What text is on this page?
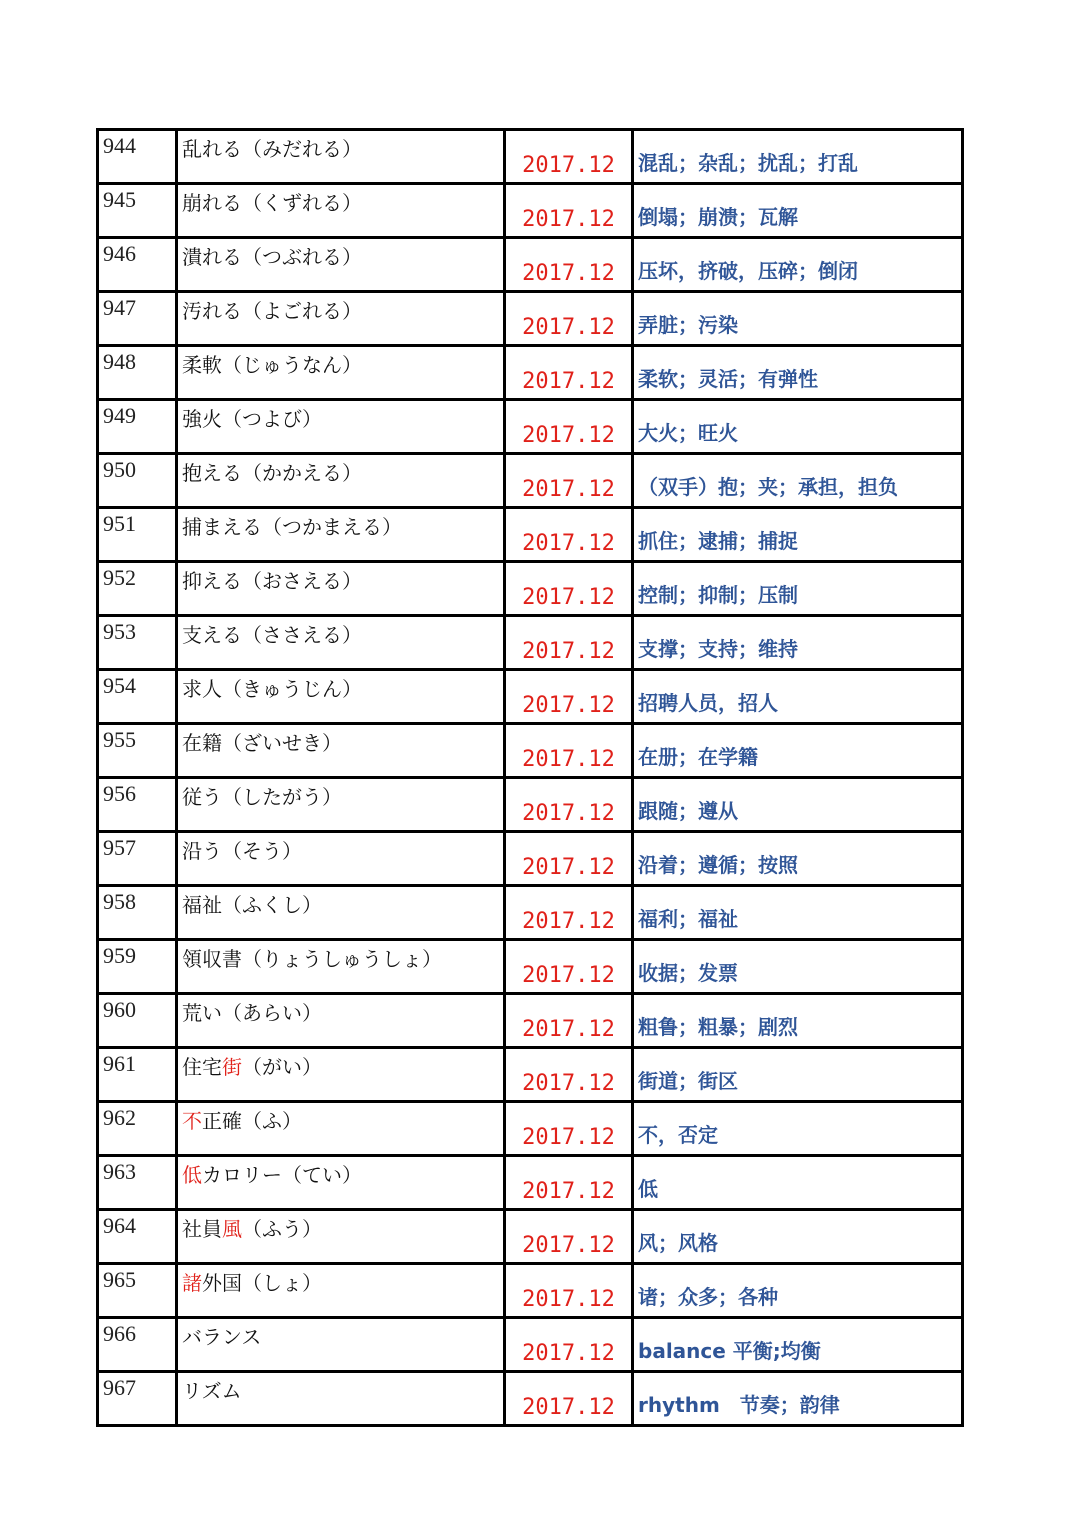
944	乱れる（みだれる）	2017.12	混乱；杂乱；扰乱；打乱
945	崩れる（くずれる）	2017.12	倒塌；崩溃；瓦解
946	潰れる（つぶれる）	2017.12	压坏，挤破，压碎；倒闭
947	汚れる（よごれる）	2017.12	弄脏；污染
948	柔軟（じゅうなん）	2017.12	柔软；灵活；有弹性
949	強火（つよび）	2017.12	大火；旺火
950	抱える（かかえる）	2017.12	（双手）抱；夹；承担，担负
951	捕まえる（つかまえる）	2017.12	抓住；逮捕；捕捉
952	抑える（おさえる）	2017.12	控制；抑制；压制
953	支える（ささえる）	2017.12	支撑；支持；维持
954	求人（きゅうじん）	2017.12	招聘人员，招人
955	在籍（ざいせき）	2017.12	在册；在学籍
956	従う（したがう）	2017.12	跟随；遵从
957	沿う（そう）	2017.12	沿着；遵循；按照
958	福祉（ふくし）	2017.12	福利；福祉
959	領収書（りょうしゅうしょ）	2017.12	收据；发票
960	荒い（あらい）	2017.12	粗鲁；粗暴；剧烈
961	住宅街（がい）	2017.12	街道；街区
962	不正確（ふ）	2017.12	不，否定
963	低カロリー（てい）	2017.12	低
964	社員風（ふう）	2017.12	风；风格
965	諸外国（しょ）	2017.12	诸；众多；各种
966	バランス	2017.12	balance 平衡;均衡
967	リズム	2017.12	rhythm　节奏；韵律
